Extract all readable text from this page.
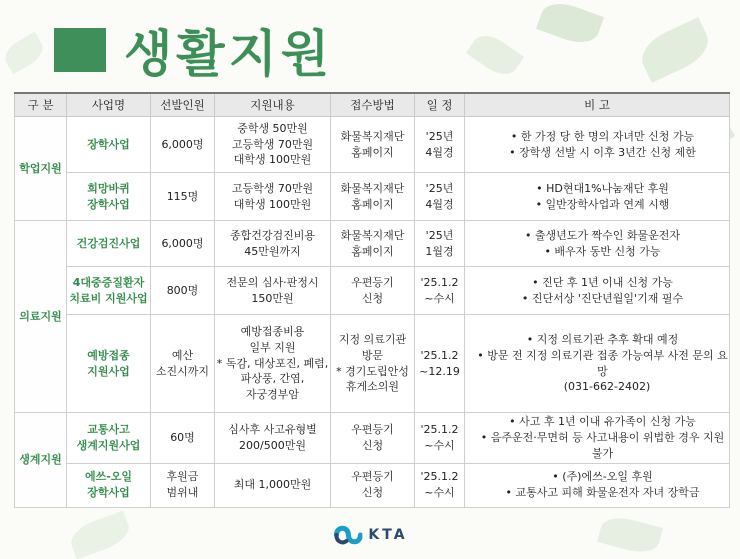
생활지원
구 분	사업명	선발인원	지원내용	접수방법	일 정	비 고
학업지원	장학사업	6,000명	중학생 50만원
고등학생 70만원
대학생 100만원	화물복지재단
홈페이지	'25년
4월경	• 한 가정 당 한 명의 자녀만 신청 가능
• 장학생 선발 시 이후 3년간 신청 제한

	희망바퀴
장학사업	115명	고등학생 70만원
대학생 100만원	화물복지재단
홈페이지	'25년
4월경	• HD현대1%나눔재단 후원
• 일반장학사업과 연계 시행

의료지원	건강검진사업	6,000명	종합건강검진비용
45만원까지	화물복지재단
홈페이지	'25년
1월경	• 출생년도가 짝수인 화물운전자
• 배우자 동반 신청 가능

	4대중증질환자
치료비 지원사업	800명	전문의 심사·판정시
150만원	우편등기
신청	'25.1.2
~수시	• 진단 후 1년 이내 신청 가능
• 진단서상 '진단년월일'기재 필수

	예방접종
지원사업	예산
소진시까지	예방접종비용
일부 지원
* 독감, 대상포진, 폐렴,
파상풍, 간염,
자궁경부암	지정 의료기관
방문
* 경기도립안성
휴게소의원	'25.1.2
~12.19	• 지정 의료기관 추후 확대 예정
• 방문 전 지정 의료기관 접종 가능여부 사전 문의 요망
(031-662-2402)

생계지원	교통사고
생계지원사업	60명	심사후 사고유형별
200/500만원	우편등기
신청	'25.1.2
~수시	• 사고 후 1년 이내 유가족이 신청 가능
• 음주운전·무면허 등 사고내용이 위법한 경우 지원 불가

	에쓰-오일
장학사업	후원금
범위내	최대 1,000만원	우편등기
신청	'25.1.2
~수시	• (주)에쓰-오일 후원
• 교통사고 피해 화물운전자 자녀 장학금
KTA
